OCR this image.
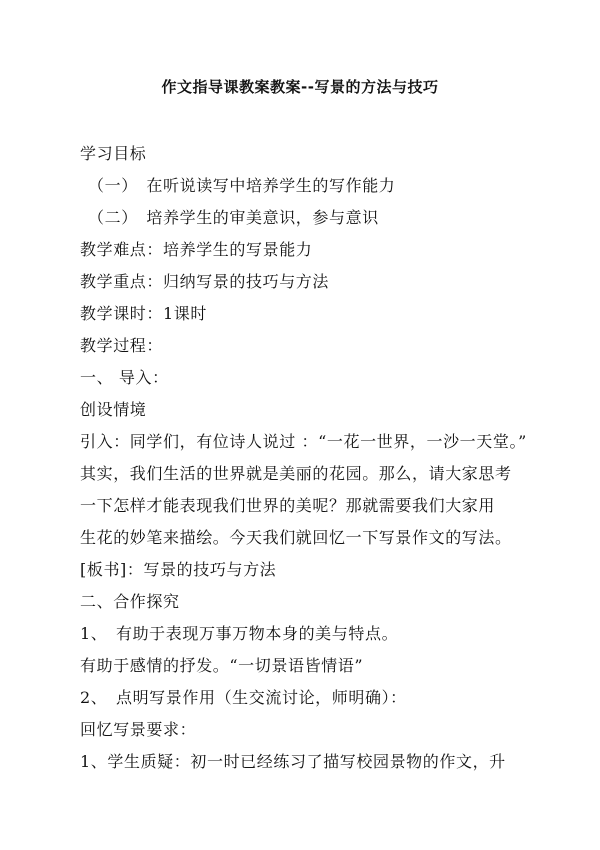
作文指导课教案教案--写景的方法与技巧
学习目标
（一）　在听说读写中培养学生的写作能力
（二）　培养学生的审美意识，参与意识
教学难点：培养学生的写景能力
教学重点：归纳写景的技巧与方法
教学课时：1课时
教学过程：
一、 导入：
创设情境
引入：同学们，有位诗人说过 ：“一花一世界，一沙一天堂。”
其实，我们生活的世界就是美丽的花园。那么，请大家思考
一下怎样才能表现我们世界的美呢？那就需要我们大家用
生花的妙笔来描绘。今天我们就回忆一下写景作文的写法。
[板书]：写景的技巧与方法
二、合作探究
1、　有助于表现万事万物本身的美与特点。
有助于感情的抒发。“一切景语皆情语”
2、　点明写景作用（生交流讨论，师明确）：
回忆写景要求：
1、学生质疑：初一时已经练习了描写校园景物的作文，升
